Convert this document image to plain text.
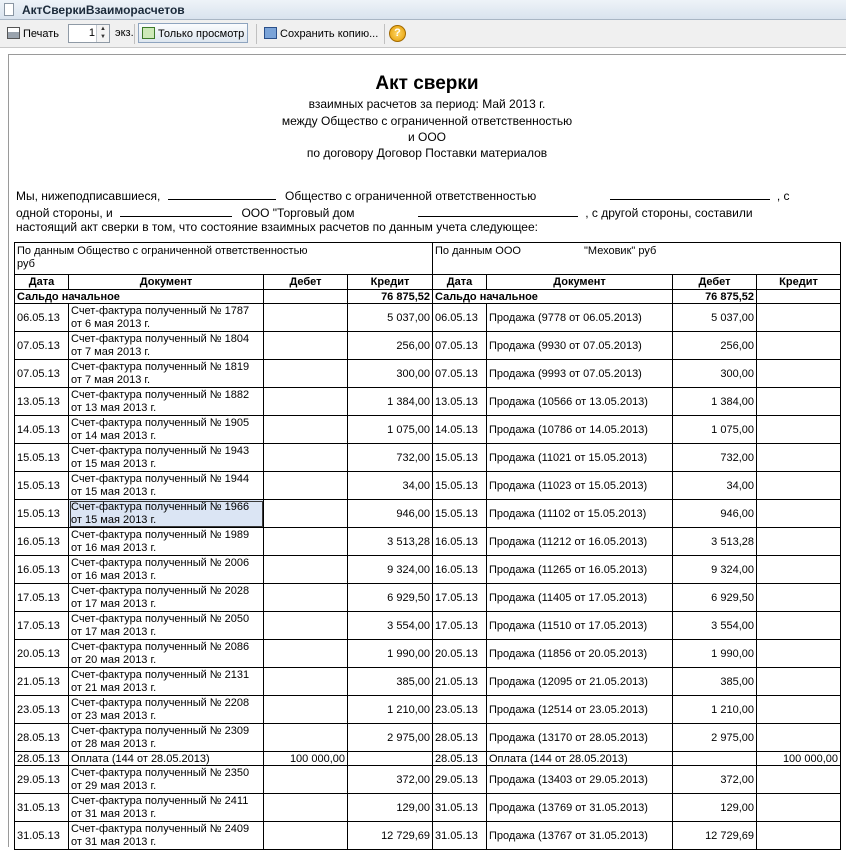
АктСверкиВзаиморасчетов
Печать	экз.	Только просмотр	Сохранить копию...
1 ▲
▼	?
Акт сверки
взаимных расчетов за период: Май 2013 г.
между Общество с ограниченной ответственностью
и ООО
по договору Договор Поставки материалов
Мы, нижеподписавшиеся,	Общество с ограниченной ответственностью	, с
одной стороны, и	ООО "Торговый дом	, с другой стороны, составили
настоящий акт сверки в том, что состояние взаимных расчетов по данным учета следующее:
По данным Общество с ограниченной ответственностью
руб				По данным ООО "Меховик" руб			
Дата	Документ	Дебет	Кредит	Дата	Документ	Дебет	Кредит
Сальдо начальное			76 875,52	Сальдо начальное		76 875,52	
06.05.13	Счет-фактура полученный № 1787 от 6 мая 2013 г.		5 037,00	06.05.13	Продажа (9778 от 06.05.2013)	5 037,00	
07.05.13	Счет-фактура полученный № 1804 от 7 мая 2013 г.		256,00	07.05.13	Продажа (9930 от 07.05.2013)	256,00	
07.05.13	Счет-фактура полученный № 1819 от 7 мая 2013 г.		300,00	07.05.13	Продажа (9993 от 07.05.2013)	300,00	
13.05.13	Счет-фактура полученный № 1882 от 13 мая 2013 г.		1 384,00	13.05.13	Продажа (10566 от 13.05.2013)	1 384,00	
14.05.13	Счет-фактура полученный № 1905 от 14 мая 2013 г.		1 075,00	14.05.13	Продажа (10786 от 14.05.2013)	1 075,00	
15.05.13	Счет-фактура полученный № 1943 от 15 мая 2013 г.		732,00	15.05.13	Продажа (11021 от 15.05.2013)	732,00	
15.05.13	Счет-фактура полученный № 1944 от 15 мая 2013 г.		34,00	15.05.13	Продажа (11023 от 15.05.2013)	34,00	
15.05.13	Счет-фактура полученный № 1966 от 15 мая 2013 г.		946,00	15.05.13	Продажа (11102 от 15.05.2013)	946,00	
16.05.13	Счет-фактура полученный № 1989 от 16 мая 2013 г.		3 513,28	16.05.13	Продажа (11212 от 16.05.2013)	3 513,28	
16.05.13	Счет-фактура полученный № 2006 от 16 мая 2013 г.		9 324,00	16.05.13	Продажа (11265 от 16.05.2013)	9 324,00	
17.05.13	Счет-фактура полученный № 2028 от 17 мая 2013 г.		6 929,50	17.05.13	Продажа (11405 от 17.05.2013)	6 929,50	
17.05.13	Счет-фактура полученный № 2050 от 17 мая 2013 г.		3 554,00	17.05.13	Продажа (11510 от 17.05.2013)	3 554,00	
20.05.13	Счет-фактура полученный № 2086 от 20 мая 2013 г.		1 990,00	20.05.13	Продажа (11856 от 20.05.2013)	1 990,00	
21.05.13	Счет-фактура полученный № 2131 от 21 мая 2013 г.		385,00	21.05.13	Продажа (12095 от 21.05.2013)	385,00	
23.05.13	Счет-фактура полученный № 2208 от 23 мая 2013 г.		1 210,00	23.05.13	Продажа (12514 от 23.05.2013)	1 210,00	
28.05.13	Счет-фактура полученный № 2309 от 28 мая 2013 г.		2 975,00	28.05.13	Продажа (13170 от 28.05.2013)	2 975,00	
28.05.13	Оплата (144 от 28.05.2013)	100 000,00		28.05.13	Оплата (144 от 28.05.2013)		100 000,00
29.05.13	Счет-фактура полученный № 2350 от 29 мая 2013 г.		372,00	29.05.13	Продажа (13403 от 29.05.2013)	372,00	
31.05.13	Счет-фактура полученный № 2411 от 31 мая 2013 г.		129,00	31.05.13	Продажа (13769 от 31.05.2013)	129,00	
31.05.13	Счет-фактура полученный № 2409 от 31 мая 2013 г.		12 729,69	31.05.13	Продажа (13767 от 31.05.2013)	12 729,69	
